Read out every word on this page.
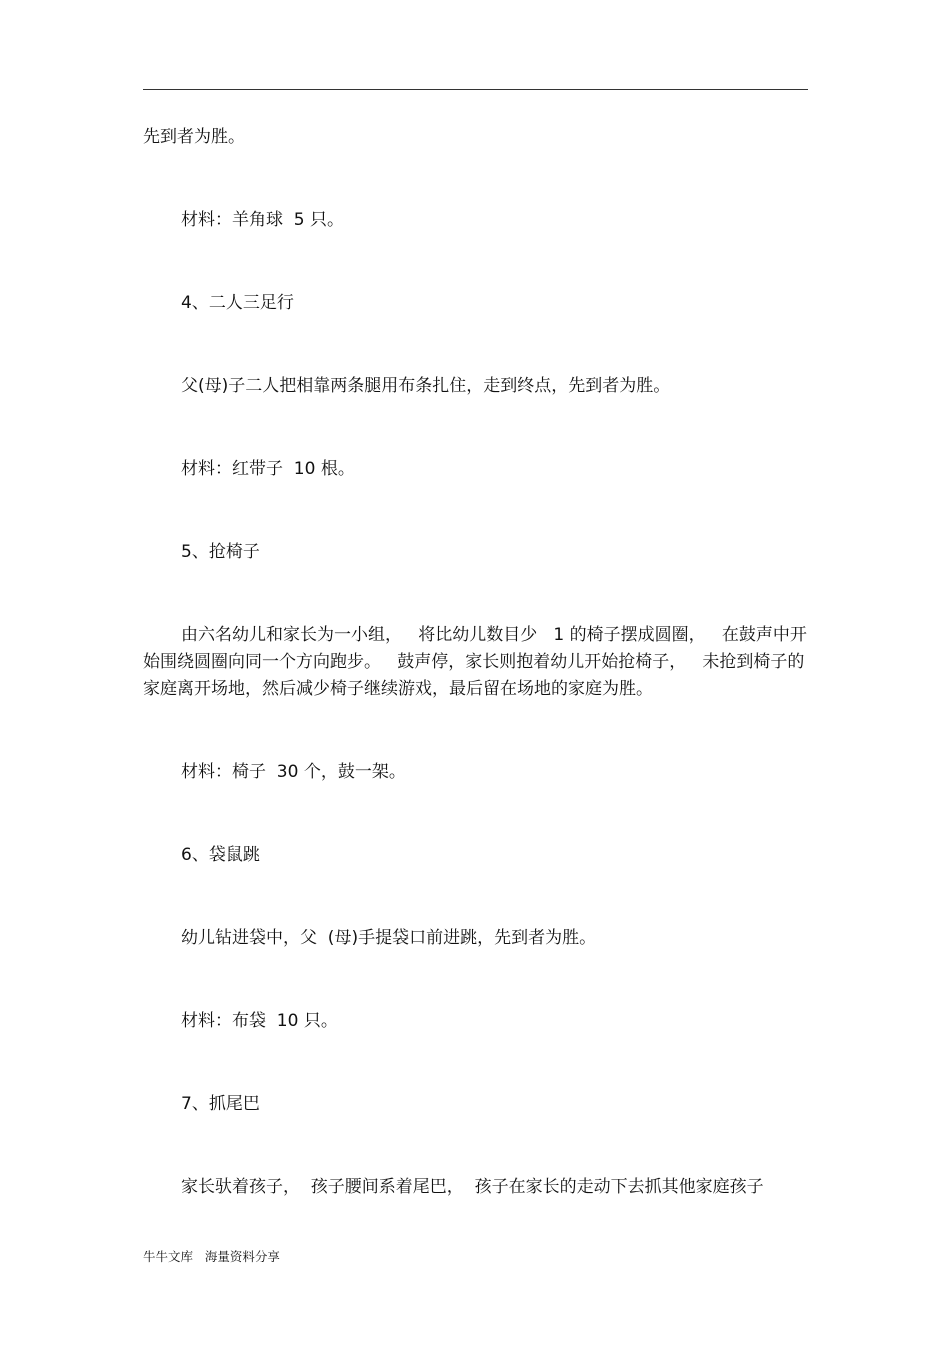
先到者为胜。

材料：羊角球  5 只。

4、二人三足行

父(母)子二人把相靠两条腿用布条扎住，走到终点，先到者为胜。

材料：红带子  10 根。

5、抢椅子

由六名幼儿和家长为一小组，   将比幼儿数目少   1 的椅子摆成圆圈，   在鼓声中开始围绕圆圈向同一个方向跑步。   鼓声停，家长则抱着幼儿开始抢椅子，   未抢到椅子的家庭离开场地，然后减少椅子继续游戏，最后留在场地的家庭为胜。

材料：椅子  30 个，鼓一架。

6、袋鼠跳

幼儿钻进袋中，父  (母)手提袋口前进跳，先到者为胜。

材料：布袋  10 只。

7、抓尾巴

家长驮着孩子，  孩子腰间系着尾巴，  孩子在家长的走动下去抓其他家庭孩子

牛牛文库   海量资料分享
